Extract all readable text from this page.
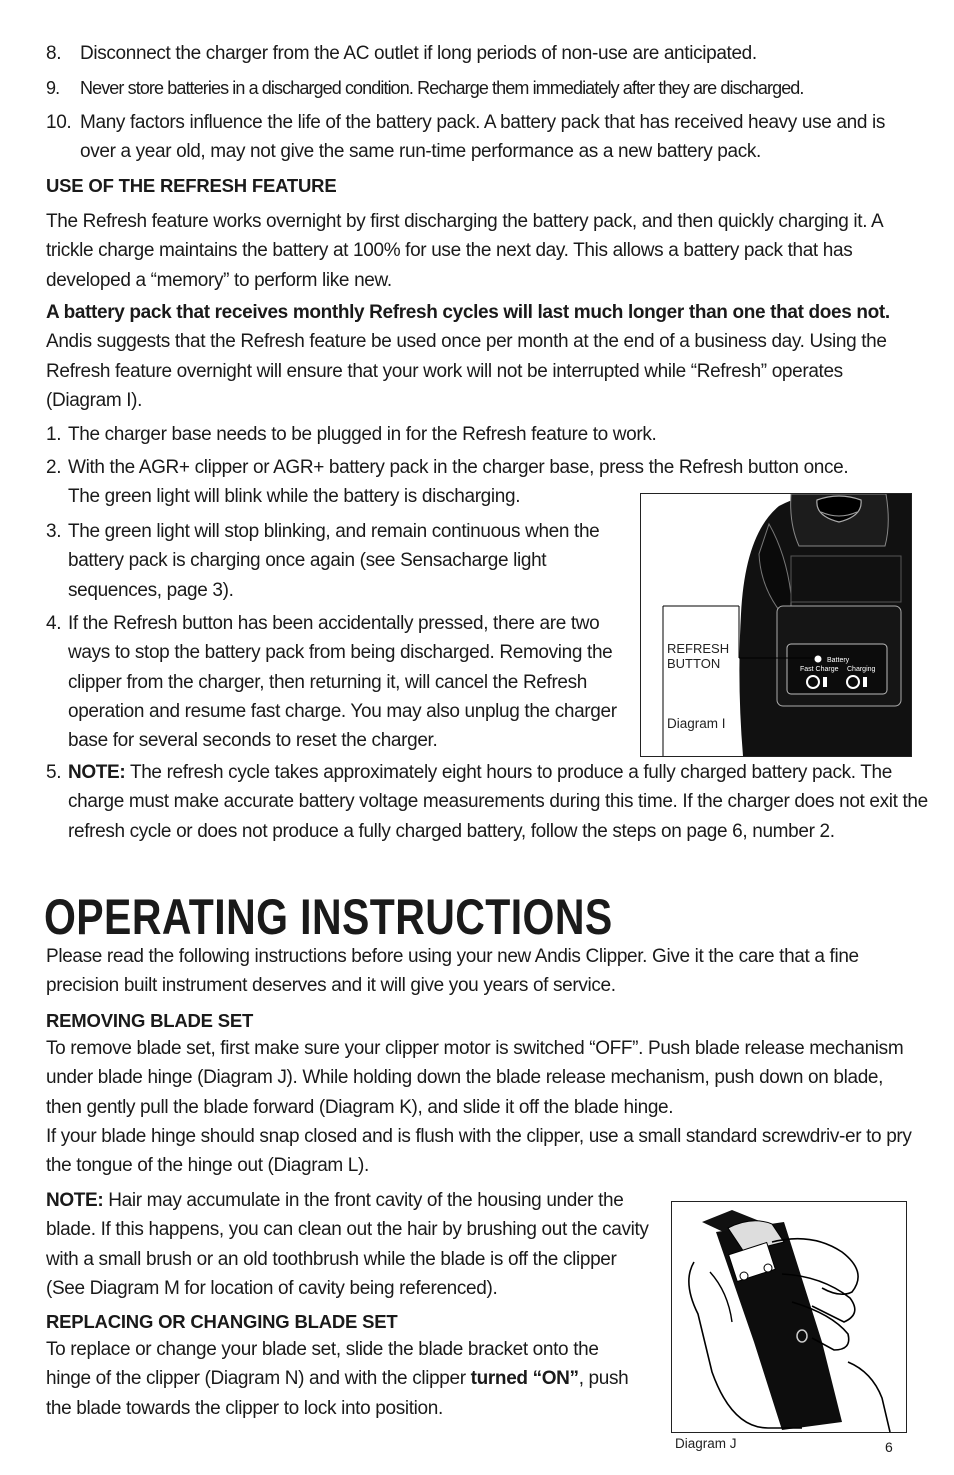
8. Disconnect the charger from the AC outlet if long periods of non-use are anticipated.
9.	Never store batteries in a discharged condition. Recharge them immediately after they are discharged.
10. Many factors influence the life of the battery pack. A battery pack that has received heavy use and is over a year old, may not give the same run-time performance as a new battery pack.
USE OF THE REFRESH FEATURE
The Refresh feature works overnight by first discharging the battery pack, and then quickly charging it. A trickle charge maintains the battery at 100% for use the next day. This allows a battery pack that has developed a “memory” to perform like new.
A battery pack that receives monthly Refresh cycles will last much longer than one that does not. Andis suggests that the Refresh feature be used once per month at the end of a business day. Using the Refresh feature overnight will ensure that your work will not be interrupted while “Refresh” operates (Diagram I).
1. The charger base needs to be plugged in for the Refresh feature to work.
2. With the AGR+ clipper or AGR+ battery pack in the charger base, press the Refresh button once. The green light will blink while the battery is discharging.
3. The green light will stop blinking, and remain continuous when the battery pack is charging once again (see Sensacharge light sequences, page 3).
4. If the Refresh button has been accidentally pressed, there are two ways to stop the battery pack from being discharged. Removing the clipper from the charger, then returning it, will cancel the Refresh operation and resume fast charge. You may also unplug the charger base for several seconds to reset the charger.
5. NOTE: The refresh cycle takes approximately eight hours to produce a fully charged battery pack. The charge must make accurate battery voltage measurements during this time. If the charger does not exit the refresh cycle or does not produce a fully charged battery, follow the steps on page 6, number 2.
Battery
Fast Charge Charging
REFRESH
BUTTON
Diagram I
OPERATING INSTRUCTIONS
Please read the following instructions before using your new Andis Clipper. Give it the care that a fine precision built instrument deserves and it will give you years of service.
REMOVING BLADE SET
To remove blade set, first make sure your clipper motor is switched “OFF”. Push blade release mechanism under blade hinge (Diagram J). While holding down the blade release mechanism, push down on blade, then gently pull the blade forward (Diagram K), and slide it off the blade hinge.
If your blade hinge should snap closed and is flush with the clipper, use a small standard screwdriv-er to pry the tongue of the hinge out (Diagram L).
NOTE: Hair may accumulate in the front cavity of the housing under the blade. If this happens, you can clean out the hair by brushing out the cavity with a small brush or an old toothbrush while the blade is off the clipper (See Diagram M for location of cavity being referenced).
REPLACING OR CHANGING BLADE SET
To replace or change your blade set, slide the blade bracket onto the hinge of the clipper (Diagram N) and with the clipper turned “ON”, push the blade towards the clipper to lock into position.
Diagram J	6
